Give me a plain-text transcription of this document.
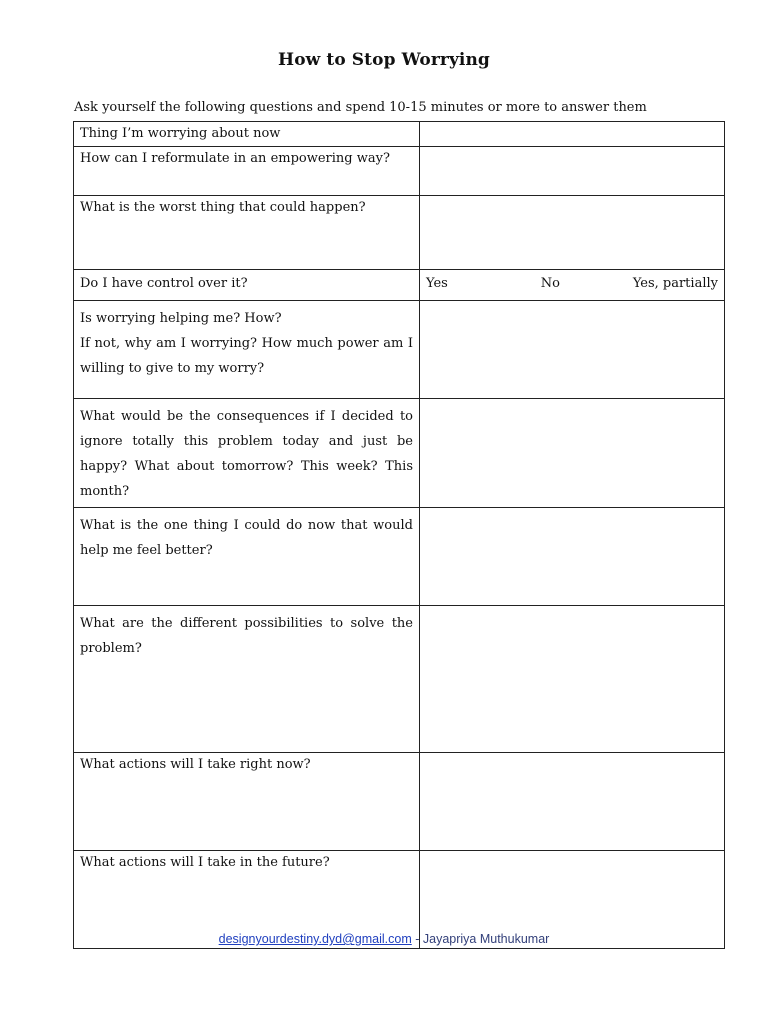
How to Stop Worrying
Ask yourself the following questions and spend 10-15 minutes or more to answer them
Thing I’m worrying about now	

How can I reformulate in an empowering way?	

What is the worst thing that could happen?	

Do I have control over it?	Yes No Yes, partially

Is worrying helping me? How?
If not, why am I worrying? How much power am I willing to give to my worry?	

What would be the consequences if I decided to ignore totally this problem today and just be happy? What about tomorrow? This week? This month?	

What is the one thing I could do now that would help me feel better?	

What are the different possibilities to solve the problem?	

What actions will I take right now?	

What actions will I take in the future?	

designyourdestiny.dyd@gmail.com - Jayapriya Muthukumar
